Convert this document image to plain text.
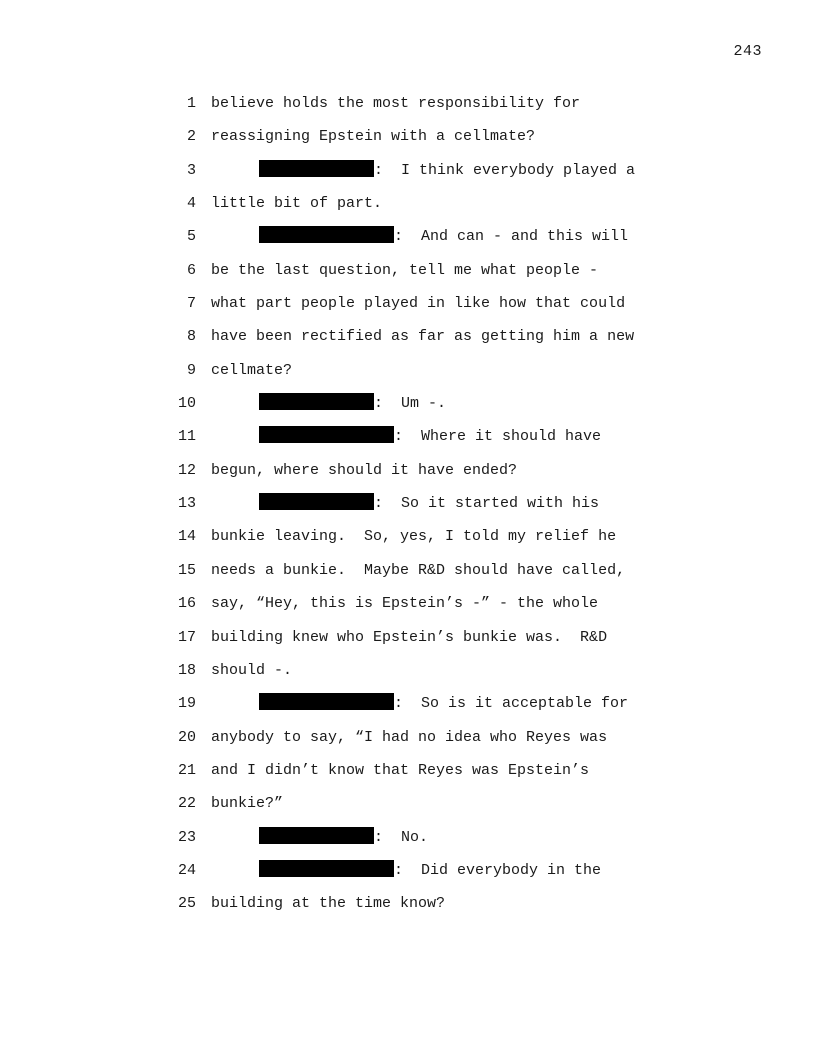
243
1 believe holds the most responsibility for
2 reassigning Epstein with a cellmate?
3	:  I think everybody played a
4 little bit of part.
5	:  And can - and this will
6 be the last question, tell me what people -
7 what part people played in like how that could
8 have been rectified as far as getting him a new
9 cellmate?
10	:  Um -.
11	:  Where it should have
12 begun, where should it have ended?
13	:  So it started with his
14 bunkie leaving.  So, yes, I told my relief he
15 needs a bunkie.  Maybe R&D should have called,
16 say, “Hey, this is Epstein’s -” - the whole
17 building knew who Epstein’s bunkie was.  R&D
18 should -.
19	:  So is it acceptable for
20 anybody to say, “I had no idea who Reyes was
21 and I didn’t know that Reyes was Epstein’s
22 bunkie?”
23	:  No.
24	:  Did everybody in the
25 building at the time know?
